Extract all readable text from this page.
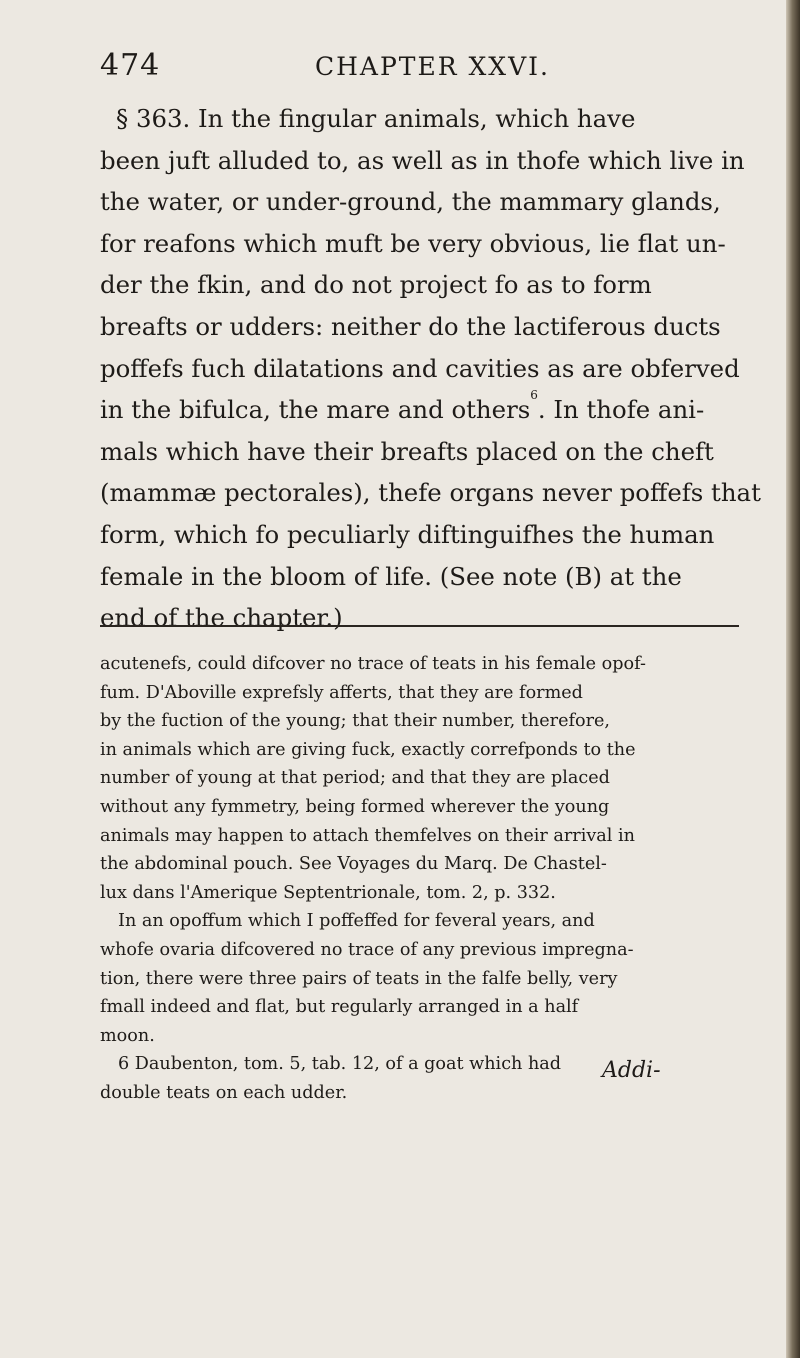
474	CHAPTER XXVI.
§ 363. In the fingular animals, which have
been juft alluded to, as well as in thofe which live in
the water, or under-ground, the mammary glands,
for reafons which muft be very obvious, lie flat un-
der the fkin, and do not project fo as to form
breafts or udders: neither do the lactiferous ducts
poffefs fuch dilatations and cavities as are obferved
in the bifulca, the mare and others$^6$. In thofe ani-
mals which have their breafts placed on the cheft
(mammæ pectorales), thefe organs never poffefs that
form, which fo peculiarly diftinguifhes the human
female in the bloom of life. (See note (B) at the
end of the chapter.)
acutenefs, could difcover no trace of teats in his female opof-
fum. D'Aboville exprefsly afferts, that they are formed
by the fuction of the young; that their number, therefore,
in animals which are giving fuck, exactly correfponds to the
number of young at that period; and that they are placed
without any fymmetry, being formed wherever the young
animals may happen to attach themfelves on their arrival in
the abdominal pouch. See Voyages du Marq. De Chastel-
lux dans l'Amerique Septentrionale, tom. 2, p. 332.
In an opoffum which I poffeffed for feveral years, and
whofe ovaria difcovered no trace of any previous impregna-
tion, there were three pairs of teats in the falfe belly, very
fmall indeed and flat, but regularly arranged in a half
moon.
6 Daubenton, tom. 5, tab. 12, of a goat which had
double teats on each udder.
Addi-
